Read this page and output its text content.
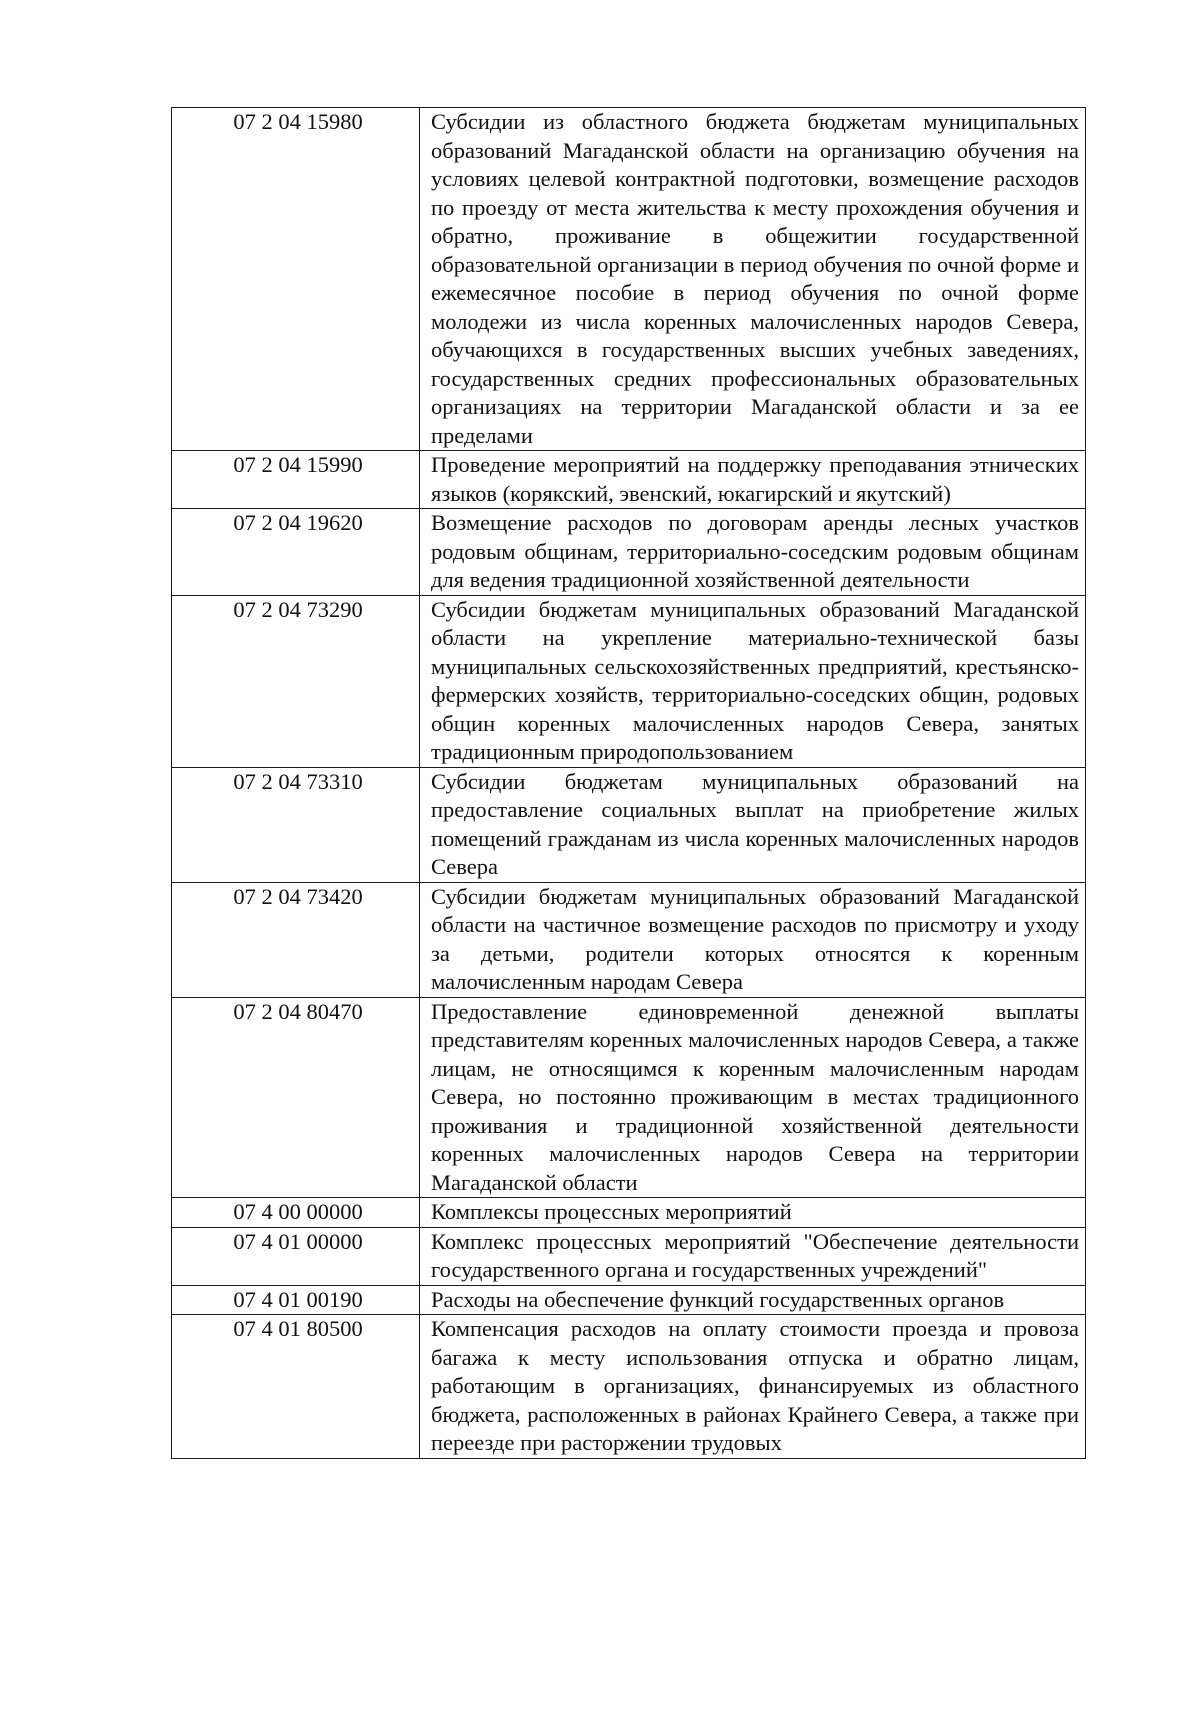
07 2 04 15980	Субсидии из областного бюджета бюджетам муниципальных образований Магаданской области на организацию обучения на условиях целевой контрактной подготовки, возмещение расходов по проезду от места жительства к месту прохождения обучения и обратно, проживание в общежитии государственной образовательной организации в период обучения по очной форме и ежемесячное пособие в период обучения по очной форме молодежи из числа коренных малочисленных народов Севера, обучающихся в государственных высших учебных заведениях, государственных средних профессиональных образовательных организациях на территории Магаданской области и за ее пределами
07 2 04 15990	Проведение мероприятий на поддержку преподавания этнических языков (корякский, эвенский, юкагирский и якутский)
07 2 04 19620	Возмещение расходов по договорам аренды лесных участков родовым общинам, территориально-соседским родовым общинам для ведения традиционной хозяйственной деятельности
07 2 04 73290	Субсидии бюджетам муниципальных образований Магаданской области на укрепление материально-технической базы муниципальных сельскохозяйственных предприятий, крестьянско-фермерских хозяйств, территориально-соседских общин, родовых общин коренных малочисленных народов Севера, занятых традиционным природопользованием
07 2 04 73310	Субсидии бюджетам муниципальных образований на предоставление социальных выплат на приобретение жилых помещений гражданам из числа коренных малочисленных народов Севера
07 2 04 73420	Субсидии бюджетам муниципальных образований Магаданской области на частичное возмещение расходов по присмотру и уходу за детьми, родители которых относятся к коренным малочисленным народам Севера
07 2 04 80470	Предоставление единовременной денежной выплаты представителям коренных малочисленных народов Севера, а также лицам, не относящимся к коренным малочисленным народам Севера, но постоянно проживающим в местах традиционного проживания и традиционной хозяйственной деятельности коренных малочисленных народов Севера на территории Магаданской области
07 4 00 00000	Комплексы процессных мероприятий
07 4 01 00000	Комплекс процессных мероприятий "Обеспечение деятельности государственного органа и государственных учреждений"
07 4 01 00190	Расходы на обеспечение функций государственных органов
07 4 01 80500	Компенсация расходов на оплату стоимости проезда и провоза багажа к месту использования отпуска и обратно лицам, работающим в организациях, финансируемых из областного бюджета, расположенных в районах Крайнего Севера, а также при переезде при расторжении трудовых
